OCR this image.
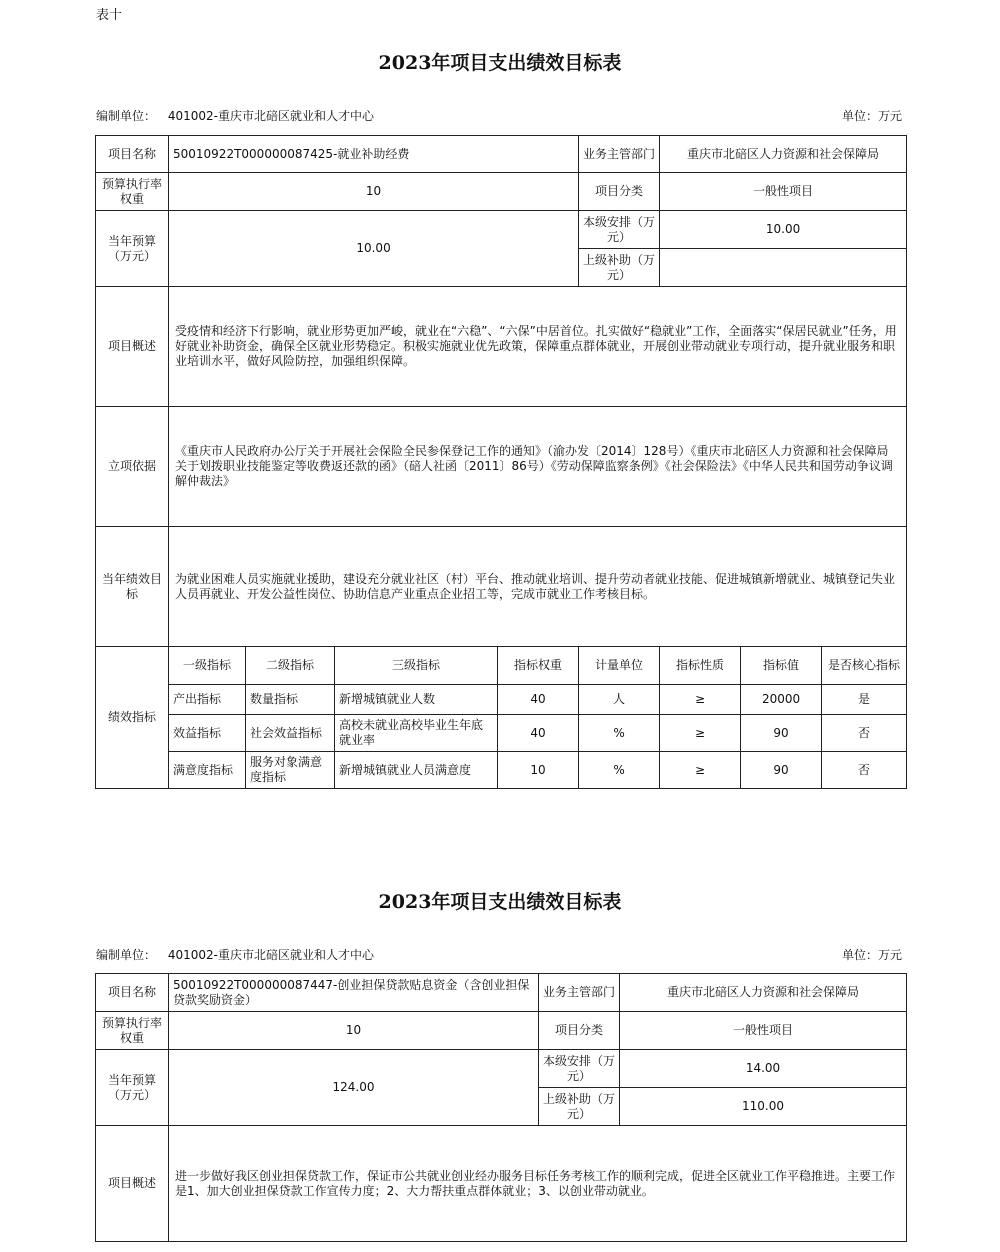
表十
2023年项目支出绩效目标表
编制单位： 401002-重庆市北碚区就业和人才中心	单位：万元
项目名称	50010922T000000087425-就业补助经费				业务主管部门	重庆市北碚区人力资源和社会保障局		
预算执行率权重	10				项目分类	一般性项目		
当年预算（万元）	10.00				本级安排（万元）	10.00		
					上级补助（万元）			
项目概述	受疫情和经济下行影响，就业形势更加严峻，就业在“六稳”、“六保”中居首位。扎实做好“稳就业”工作，全面落实“保居民就业”任务，用好就业补助资金，确保全区就业形势稳定。积极实施就业优先政策，保障重点群体就业，开展创业带动就业专项行动，提升就业服务和职业培训水平，做好风险防控，加强组织保障。							
立项依据	《重庆市人民政府办公厅关于开展社会保险全民参保登记工作的通知》（渝办发〔2014〕128号）《重庆市北碚区人力资源和社会保障局关于划拨职业技能鉴定等收费返还款的函》（碚人社函〔2011〕86号）《劳动保障监察条例》《社会保险法》《中华人民共和国劳动争议调解仲裁法》							
当年绩效目标	为就业困难人员实施就业援助，建设充分就业社区（村）平台、推动就业培训、提升劳动者就业技能、促进城镇新增就业、城镇登记失业人员再就业、开发公益性岗位、协助信息产业重点企业招工等，完成市就业工作考核目标。							
绩效指标	一级指标	二级指标	三级指标	指标权重	计量单位	指标性质	指标值	是否核心指标
	产出指标	数量指标	新增城镇就业人数	40	人	≥	20000	是
	效益指标	社会效益指标	高校未就业高校毕业生年底就业率	40	%	≥	90	否
	满意度指标	服务对象满意度指标	新增城镇就业人员满意度	10	%	≥	90	否
2023年项目支出绩效目标表
编制单位： 401002-重庆市北碚区就业和人才中心	单位：万元
项目名称	50010922T000000087447-创业担保贷款贴息资金（含创业担保贷款奖励资金）	业务主管部门	重庆市北碚区人力资源和社会保障局
预算执行率权重	10	项目分类	一般性项目
当年预算（万元）	124.00	本级安排（万元）	14.00
		上级补助（万元）	110.00
项目概述	进一步做好我区创业担保贷款工作，保证市公共就业创业经办服务目标任务考核工作的顺利完成，促进全区就业工作平稳推进。主要工作是1、加大创业担保贷款工作宣传力度；2、大力帮扶重点群体就业；3、以创业带动就业。		
